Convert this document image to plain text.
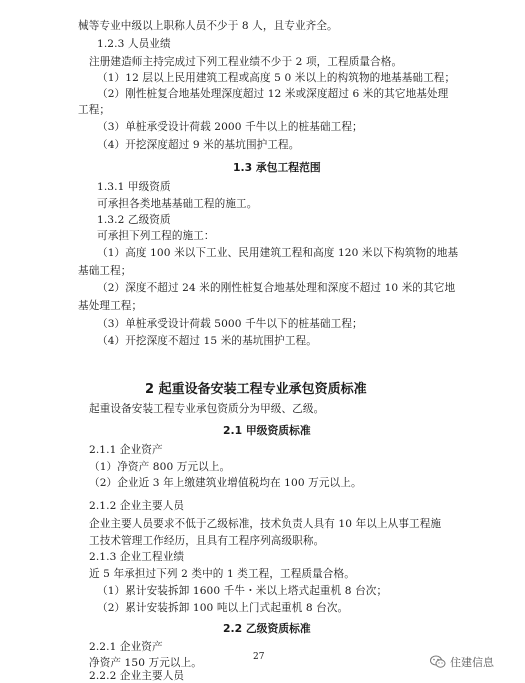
械等专业中级以上职称人员不少于 8 人，且专业齐全。
1.2.3 人员业绩
注册建造师主持完成过下列工程业绩不少于 2 项，工程质量合格。
（1）12 层以上民用建筑工程或高度 5 0 米以上的构筑物的地基基础工程；
（2）刚性桩复合地基处理深度超过 12 米或深度超过 6 米的其它地基处理
工程；
（3）单桩承受设计荷载 2000 千牛以上的桩基础工程；
（4）开挖深度超过 9 米的基坑围护工程。
1.3 承包工程范围
1.3.1 甲级资质
可承担各类地基基础工程的施工。
1.3.2 乙级资质
可承担下列工程的施工：
（1）高度 100 米以下工业、民用建筑工程和高度 120 米以下构筑物的地基
基础工程；
（2）深度不超过 24 米的刚性桩复合地基处理和深度不超过 10 米的其它地
基处理工程；
（3）单桩承受设计荷载 5000 千牛以下的桩基础工程；
（4）开挖深度不超过 15 米的基坑围护工程。
2 起重设备安装工程专业承包资质标准
起重设备安装工程专业承包资质分为甲级、乙级。
2.1 甲级资质标准
2.1.1 企业资产
（1）净资产 800 万元以上。
（2）企业近 3 年上缴建筑业增值税均在 100 万元以上。
2.1.2 企业主要人员
企业主要人员要求不低于乙级标准，技术负责人具有 10 年以上从事工程施
工技术管理工作经历，且具有工程序列高级职称。
2.1.3 企业工程业绩
近 5 年承担过下列 2 类中的 1 类工程，工程质量合格。
（1）累计安装拆卸 1600 千牛・米以上塔式起重机 8 台次；
（2）累计安装拆卸 100 吨以上门式起重机 8 台次。
2.2 乙级资质标准
2.2.1 企业资产
净资产 150 万元以上。
2.2.2 企业主要人员
27	住建信息
